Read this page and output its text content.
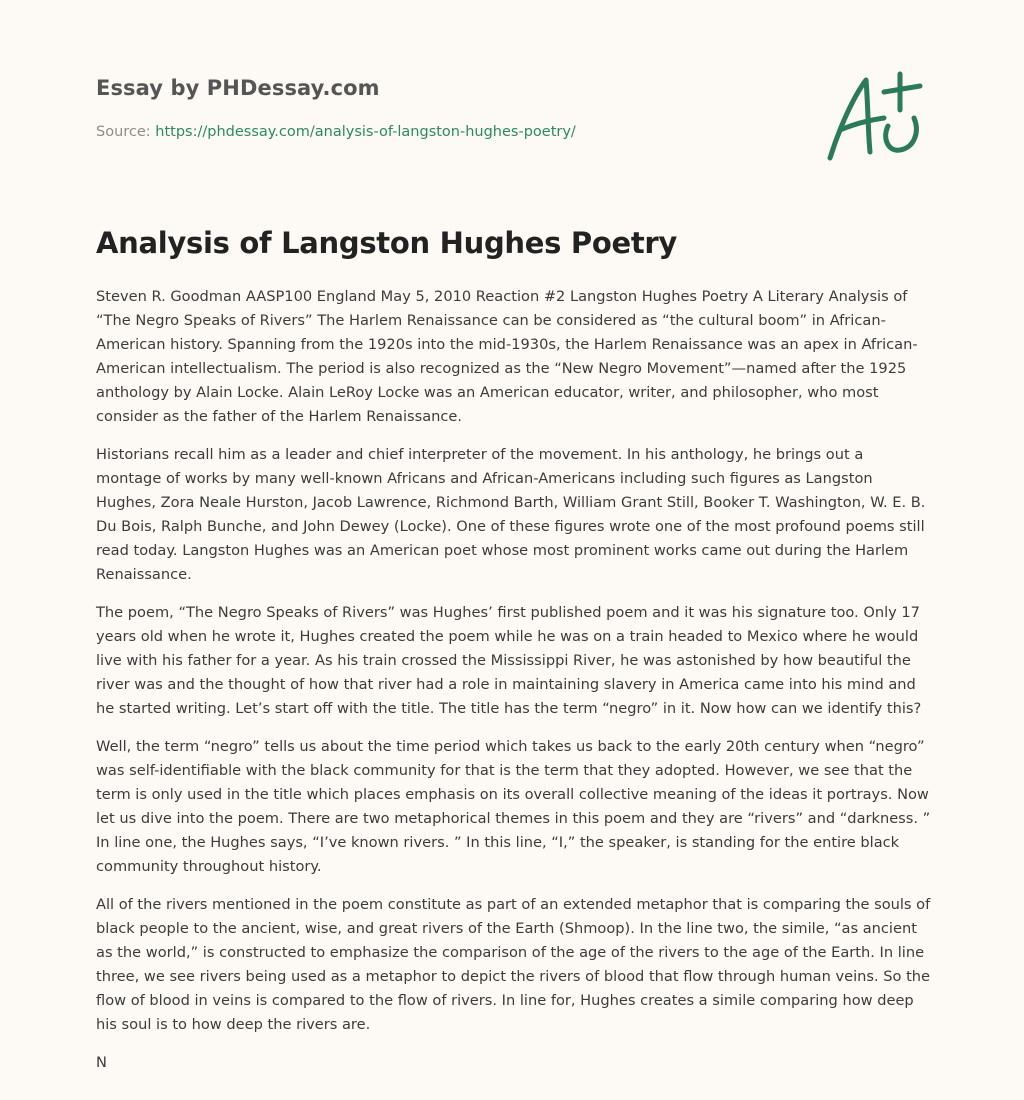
Essay by PHDessay.com
Source: https://phdessay.com/analysis-of-langston-hughes-poetry/
Analysis of Langston Hughes Poetry

Steven R. Goodman AASP100 England May 5, 2010 Reaction #2 Langston Hughes Poetry A Literary Analysis of “The Negro Speaks of Rivers” The Harlem Renaissance can be considered as “the cultural boom” in African-American history. Spanning from the 1920s into the mid-1930s, the Harlem Renaissance was an apex in African-American intellectualism. The period is also recognized as the “New Negro Movement”—named after the 1925 anthology by Alain Locke. Alain LeRoy Locke was an American educator, writer, and philosopher, who most consider as the father of the Harlem Renaissance.

Historians recall him as a leader and chief interpreter of the movement. In his anthology, he brings out a montage of works by many well-known Africans and African-Americans including such figures as Langston Hughes, Zora Neale Hurston, Jacob Lawrence, Richmond Barth, William Grant Still, Booker T. Washington, W. E. B. Du Bois, Ralph Bunche, and John Dewey (Locke). One of these figures wrote one of the most profound poems still read today. Langston Hughes was an American poet whose most prominent works came out during the Harlem Renaissance.

The poem, “The Negro Speaks of Rivers” was Hughes’ first published poem and it was his signature too. Only 17 years old when he wrote it, Hughes created the poem while he was on a train headed to Mexico where he would live with his father for a year. As his train crossed the Mississippi River, he was astonished by how beautiful the river was and the thought of how that river had a role in maintaining slavery in America came into his mind and he started writing. Let’s start off with the title. The title has the term “negro” in it. Now how can we identify this?

Well, the term “negro” tells us about the time period which takes us back to the early 20th century when “negro” was self-identifiable with the black community for that is the term that they adopted. However, we see that the term is only used in the title which places emphasis on its overall collective meaning of the ideas it portrays. Now let us dive into the poem. There are two metaphorical themes in this poem and they are “rivers” and “darkness. ” In line one, the Hughes says, “I’ve known rivers. ” In this line, “I,” the speaker, is standing for the entire black community throughout history.

All of the rivers mentioned in the poem constitute as part of an extended metaphor that is comparing the souls of black people to the ancient, wise, and great rivers of the Earth (Shmoop). In the line two, the simile, “as ancient as the world,” is constructed to emphasize the comparison of the age of the rivers to the age of the Earth. In line three, we see rivers being used as a metaphor to depict the rivers of blood that flow through human veins. So the flow of blood in veins is compared to the flow of rivers. In line for, Hughes creates a simile comparing how deep his soul is to how deep the rivers are.

N
